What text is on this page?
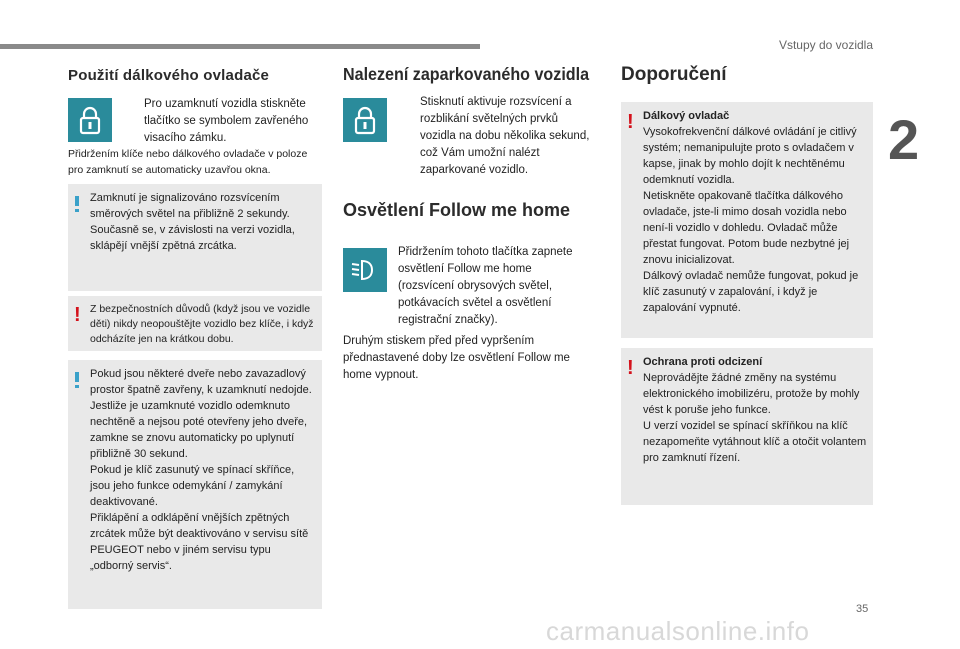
Vstupy do vozidla
2
35
carmanualsonline.info
Použití dálkového ovladače
Pro uzamknutí vozidla stiskněte tlačítko se symbolem zavřeného visacího zámku.
Přidržením klíče nebo dálkového ovladače v poloze pro zamknutí se automaticky uzavřou okna.
Zamknutí je signalizováno rozsvícením směrových světel na přibližně 2 sekundy. Současně se, v závislosti na verzi vozidla, sklápějí vnější zpětná zrcátka.
! Z bezpečnostních důvodů (když jsou ve vozidle děti) nikdy neopouštějte vozidlo bez klíče, i když odcházíte jen na krátkou dobu.
Pokud jsou některé dveře nebo zavazadlový prostor špatně zavřeny, k uzamknutí nedojde.
Jestliže je uzamknuté vozidlo odemknuto nechtěně a nejsou poté otevřeny jeho dveře, zamkne se znovu automaticky po uplynutí přibližně 30 sekund.
Pokud je klíč zasunutý ve spínací skříňce, jsou jeho funkce odemykání / zamykání deaktivované.
Přiklápění a odklápění vnějších zpětných zrcátek může být deaktivováno v servisu sítě PEUGEOT nebo v jiném servisu typu „odborný servis“.
Nalezení zaparkovaného vozidla
Stisknutí aktivuje rozsvícení a rozblikání světelných prvků vozidla na dobu několika sekund, což Vám umožní nalézt zaparkované vozidlo.
Osvětlení Follow me home
Přidržením tohoto tlačítka zapnete osvětlení Follow me home (rozsvícení obrysových světel, potkávacích světel a osvětlení registrační značky).
Druhým stiskem před před vypršením přednastavené doby lze osvětlení Follow me home vypnout.
Doporučení
! Dálkový ovladač
Vysokofrekvenční dálkové ovládání je citlivý systém; nemanipulujte proto s ovladačem v kapse, jinak by mohlo dojít k nechtěnému odemknutí vozidla.
Netiskněte opakovaně tlačítka dálkového ovladače, jste-li mimo dosah vozidla nebo není-li vozidlo v dohledu. Ovladač může přestat fungovat. Potom bude nezbytné jej znovu inicializovat.
Dálkový ovladač nemůže fungovat, pokud je klíč zasunutý v zapalování, i když je zapalování vypnuté.
! Ochrana proti odcizení
Neprovádějte žádné změny na systému elektronického imobilizéru, protože by mohly vést k poruše jeho funkce.
U verzí vozidel se spínací skříňkou na klíč nezapomeňte vytáhnout klíč a otočit volantem pro zamknutí řízení.
